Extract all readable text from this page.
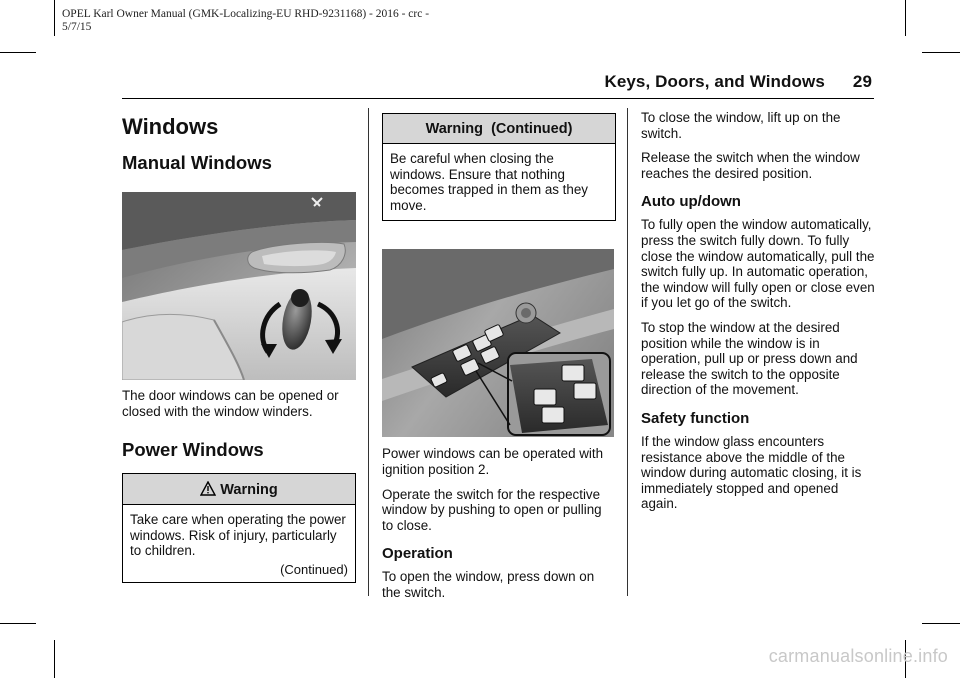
OPEL Karl Owner Manual (GMK-Localizing-EU RHD-9231168) - 2016 - crc -
5/7/15
Keys, Doors, and Windows 29
Windows
Manual Windows

The door windows can be opened or closed with the window winders.

Power Windows
Warning

Take care when operating the power windows. Risk of injury, particularly to children.

(Continued)
Warning  (Continued)

Be careful when closing the windows. Ensure that nothing becomes trapped in them as they move.

Power windows can be operated with ignition position 2.

Operate the switch for the respective window by pushing to open or pulling to close.

Operation

To open the window, press down on the switch.

To close the window, lift up on the switch.

Release the switch when the window reaches the desired position.

Auto up/down

To fully open the window automatically, press the switch fully down. To fully close the window automatically, pull the switch fully up. In automatic operation, the window will fully open or close even if you let go of the switch.

To stop the window at the desired position while the window is in operation, pull up or press down and release the switch to the opposite direction of the movement.

Safety function

If the window glass encounters resistance above the middle of the window during automatic closing, it is immediately stopped and opened again.

carmanualsonline.info
